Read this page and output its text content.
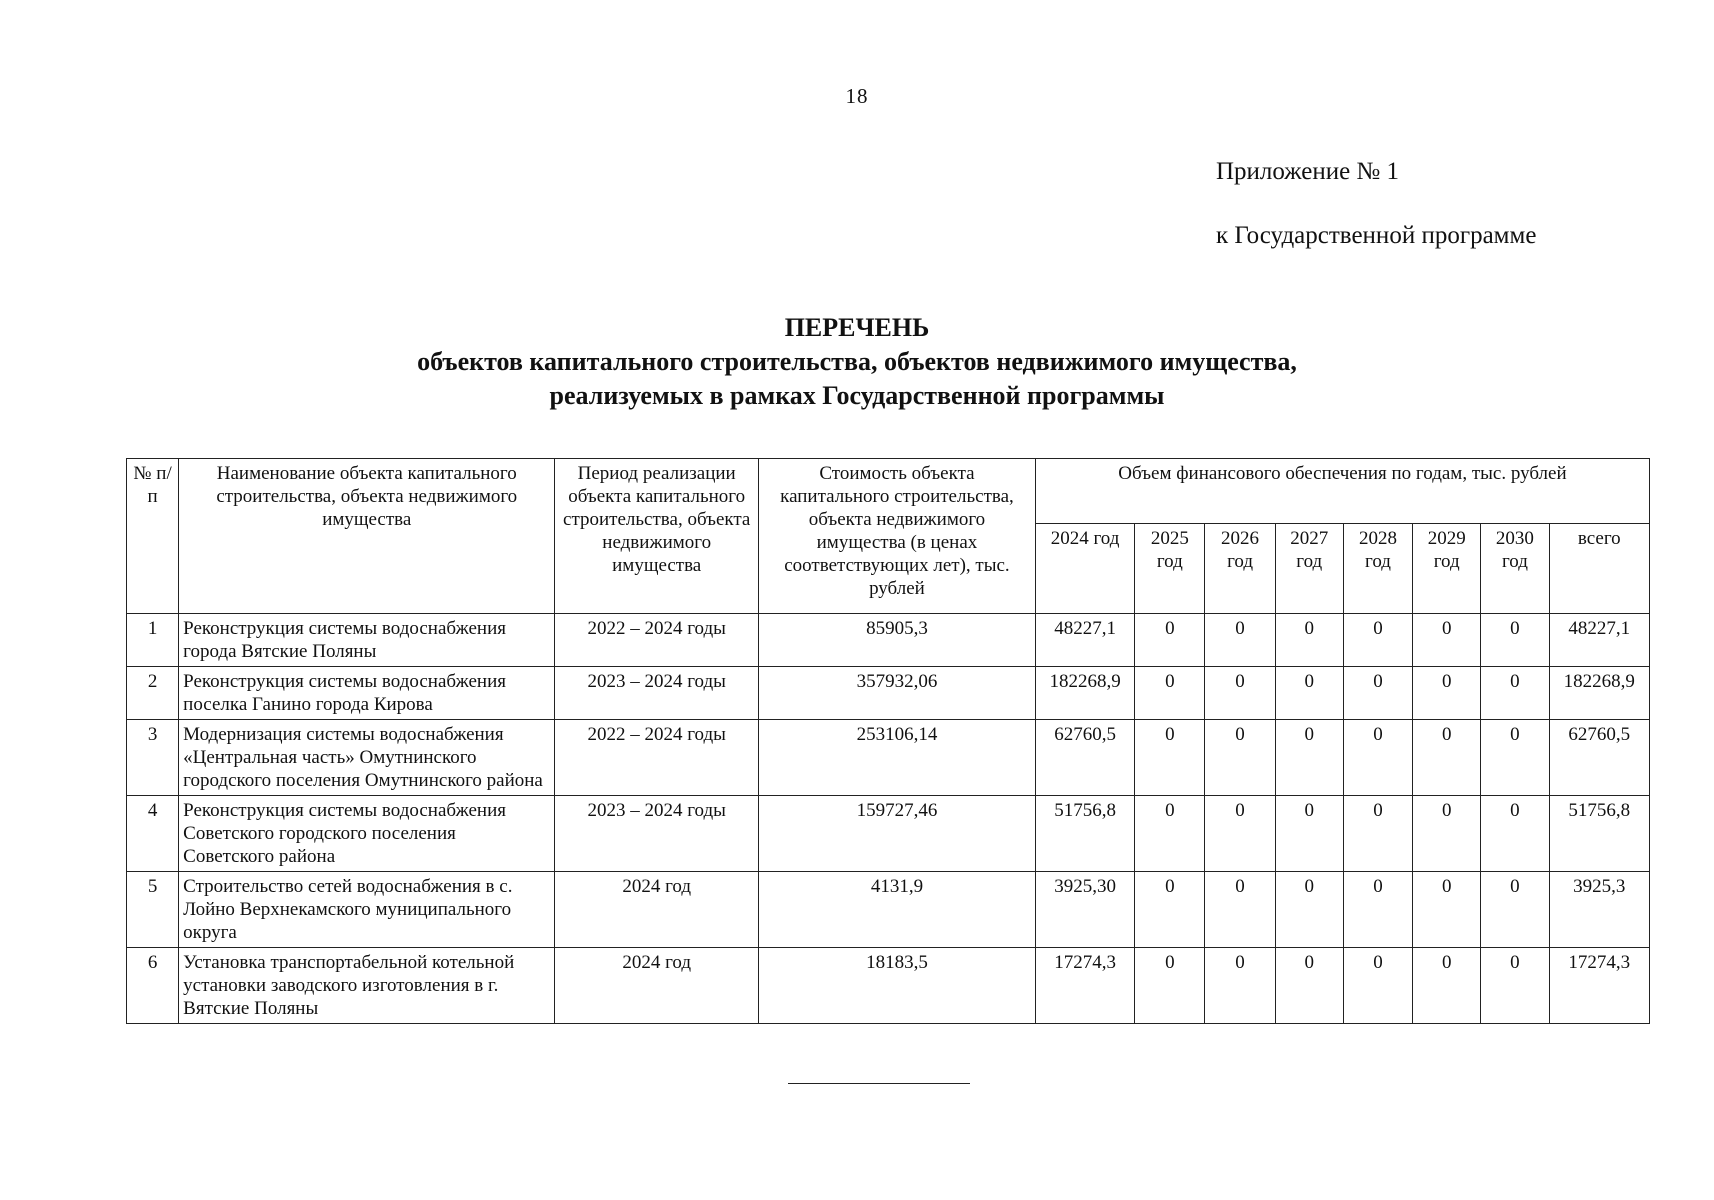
18
Приложение № 1
к Государственной программе
ПЕРЕЧЕНЬ
объектов капитального строительства, объектов недвижимого имущества,
реализуемых в рамках Государственной программы
№ п/п	Наименование объекта капитального строительства, объекта недвижимого имущества	Период реализации объекта капитального строительства, объекта недвижимого имущества	Стоимость объекта капитального строительства, объекта недвижимого имущества (в ценах соответствующих лет), тыс. рублей	Объем финансового обеспечения по годам, тыс. рублей							
				2024 год	2025 год	2026 год	2027 год	2028 год	2029 год	2030 год	всего
1	Реконструкция системы водоснабжения города Вятские Поляны	2022 – 2024 годы	85905,3	48227,1	0	0	0	0	0	0	48227,1
2	Реконструкция системы водоснабжения поселка Ганино города Кирова	2023 – 2024 годы	357932,06	182268,9	0	0	0	0	0	0	182268,9
3	Модернизация системы водоснабжения «Центральная часть» Омутнинского городского поселения Омутнинского района	2022 – 2024 годы	253106,14	62760,5	0	0	0	0	0	0	62760,5
4	Реконструкция системы водоснабжения Советского городского поселения Советского района	2023 – 2024 годы	159727,46	51756,8	0	0	0	0	0	0	51756,8
5	Строительство сетей водоснабжения в с. Лойно Верхнекамского муниципального округа	2024 год	4131,9	3925,30	0	0	0	0	0	0	3925,3
6	Установка транспортабельной котельной установки заводского изготовления в г. Вятские Поляны	2024 год	18183,5	17274,3	0	0	0	0	0	0	17274,3
